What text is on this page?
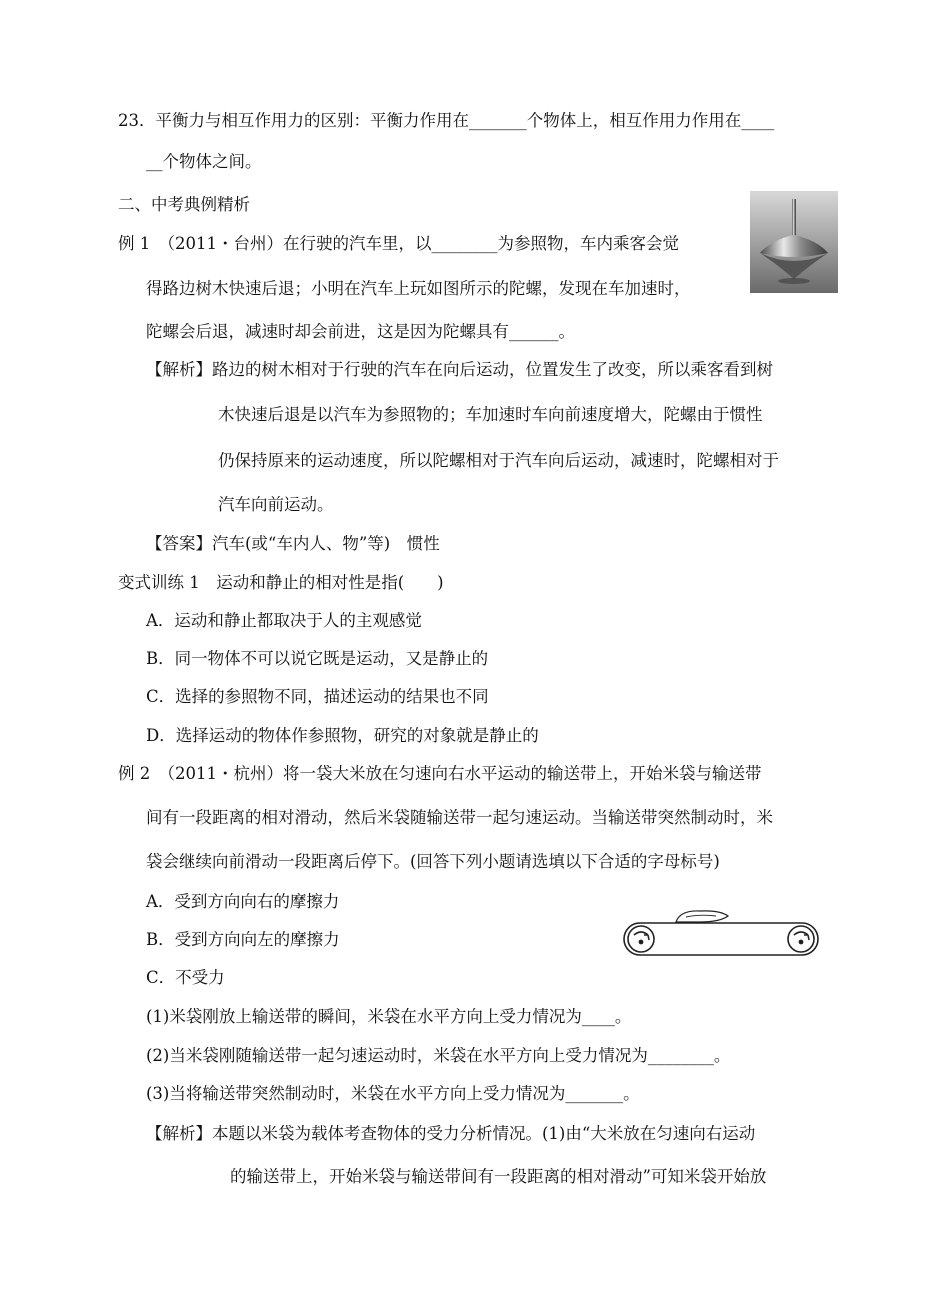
23．平衡力与相互作用力的区别：平衡力作用在_______个物体上，相互作用力作用在____
__个物体之间。
二、中考典例精析
例 1　（2011・台州）在行驶的汽车里，以________为参照物，车内乘客会觉
得路边树木快速后退；小明在汽车上玩如图所示的陀螺，发现在车加速时，
陀螺会后退，减速时却会前进，这是因为陀螺具有______。
【解析】路边的树木相对于行驶的汽车在向后运动，位置发生了改变，所以乘客看到树
木快速后退是以汽车为参照物的；车加速时车向前速度增大，陀螺由于惯性
仍保持原来的运动速度，所以陀螺相对于汽车向后运动，减速时，陀螺相对于
汽车向前运动。
【答案】汽车(或“车内人、物”等)　惯性
变式训练 1　运动和静止的相对性是指(　　)
A．运动和静止都取决于人的主观感觉
B．同一物体不可以说它既是运动，又是静止的
C．选择的参照物不同，描述运动的结果也不同
D．选择运动的物体作参照物，研究的对象就是静止的
例 2　（2011・杭州）将一袋大米放在匀速向右水平运动的输送带上，开始米袋与输送带
间有一段距离的相对滑动，然后米袋随输送带一起匀速运动。当输送带突然制动时，米
袋会继续向前滑动一段距离后停下。(回答下列小题请选填以下合适的字母标号)
A．受到方向向右的摩擦力
B．受到方向向左的摩擦力
C．不受力
(1)米袋刚放上输送带的瞬间，米袋在水平方向上受力情况为____。
(2)当米袋刚随输送带一起匀速运动时，米袋在水平方向上受力情况为________。
(3)当将输送带突然制动时，米袋在水平方向上受力情况为_______。
【解析】本题以米袋为载体考查物体的受力分析情况。(1)由“大米放在匀速向右运动
的输送带上，开始米袋与输送带间有一段距离的相对滑动”可知米袋开始放
